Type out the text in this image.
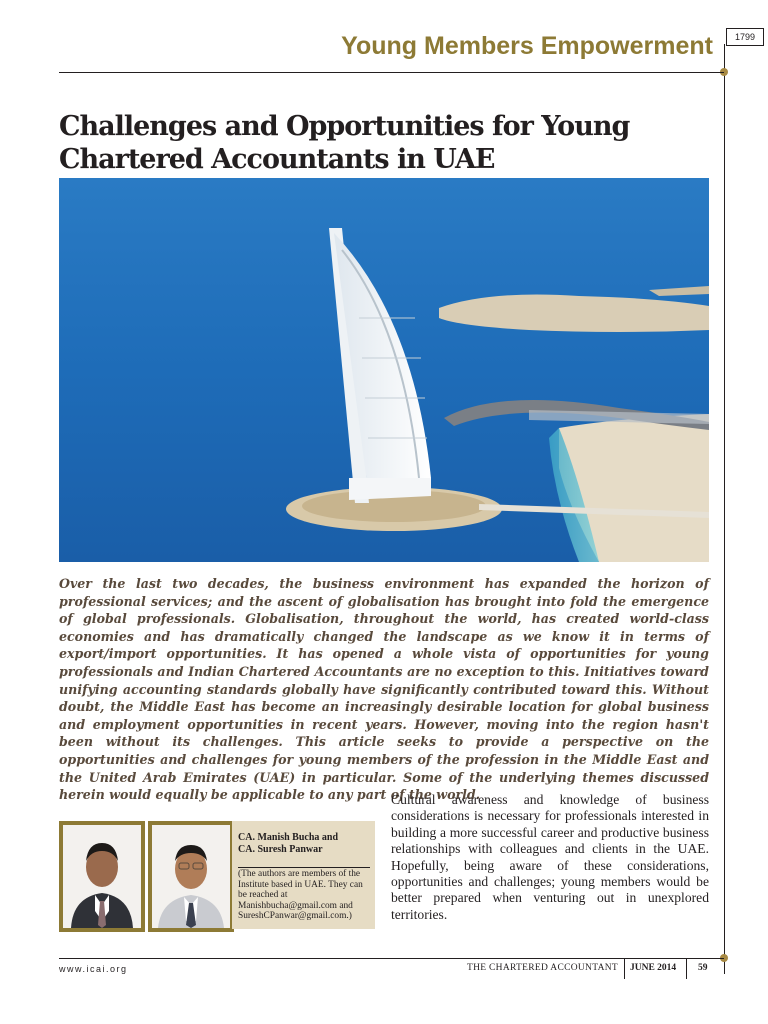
1799
Young Members Empowerment
Challenges and Opportunities for Young Chartered Accountants in UAE

Over the last two decades, the business environment has expanded the horizon of professional services; and the ascent of globalisation has brought into fold the emergence of global professionals. Globalisation, throughout the world, has created world-class economies and has dramatically changed the landscape as we know it in terms of export/import opportunities. It has opened a whole vista of opportunities for young professionals and Indian Chartered Accountants are no exception to this. Initiatives toward unifying accounting standards globally have significantly contributed toward this. Without doubt, the Middle East has become an increasingly desirable location for global business and employment opportunities in recent years. However, moving into the region hasn't been without its challenges. This article seeks to provide a perspective on the opportunities and challenges for young members of the profession in the Middle East and the United Arab Emirates (UAE) in particular. Some of the underlying themes discussed herein would equally be applicable to any part of the world.

CA. Manish Bucha and
CA. Suresh Panwar
(The authors are members of the Institute based in UAE. They can be reached at Manishbucha@gmail.com and SureshCPanwar@gmail.com.)

Cultural awareness and knowledge of business considerations is necessary for professionals interested in building a more successful career and productive business relationships with colleagues and clients in the UAE. Hopefully, being aware of these considerations, opportunities and challenges; young members would be better prepared when venturing out in unexplored territories.

www.icai.org	THE CHARTERED ACCOUNTANT JUNE 2014 59
